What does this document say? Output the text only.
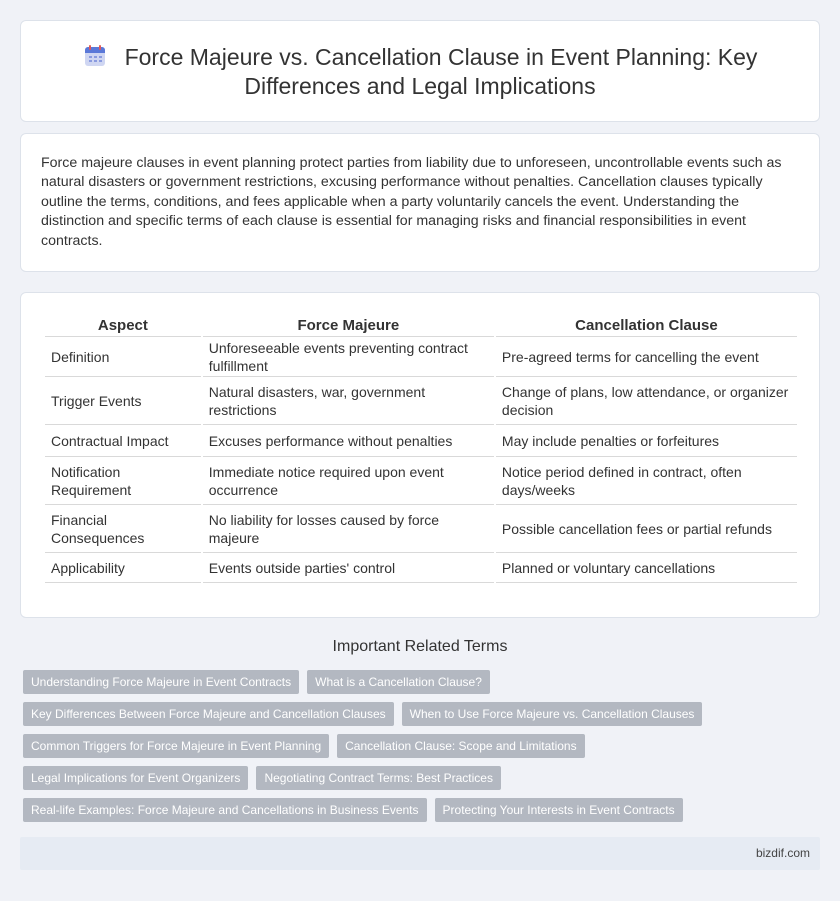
Force Majeure vs. Cancellation Clause in Event Planning: Key Differences and Legal Implications

Force majeure clauses in event planning protect parties from liability due to unforeseen, uncontrollable events such as natural disasters or government restrictions, excusing performance without penalties. Cancellation clauses typically outline the terms, conditions, and fees applicable when a party voluntarily cancels the event. Understanding the distinction and specific terms of each clause is essential for managing risks and financial responsibilities in event contracts.

Aspect	Force Majeure	Cancellation Clause
Definition	Unforeseeable events preventing contract fulfillment	Pre-agreed terms for cancelling the event
Trigger Events	Natural disasters, war, government restrictions	Change of plans, low attendance, or organizer decision
Contractual Impact	Excuses performance without penalties	May include penalties or forfeitures
Notification Requirement	Immediate notice required upon event occurrence	Notice period defined in contract, often days/weeks
Financial Consequences	No liability for losses caused by force majeure	Possible cancellation fees or partial refunds
Applicability	Events outside parties' control	Planned or voluntary cancellations
Important Related Terms
Understanding Force Majeure in Event Contracts	What is a Cancellation Clause?
Key Differences Between Force Majeure and Cancellation Clauses	When to Use Force Majeure vs. Cancellation Clauses
Common Triggers for Force Majeure in Event Planning	Cancellation Clause: Scope and Limitations
Legal Implications for Event Organizers	Negotiating Contract Terms: Best Practices
Real-life Examples: Force Majeure and Cancellations in Business Events	Protecting Your Interests in Event Contracts
bizdif.com
